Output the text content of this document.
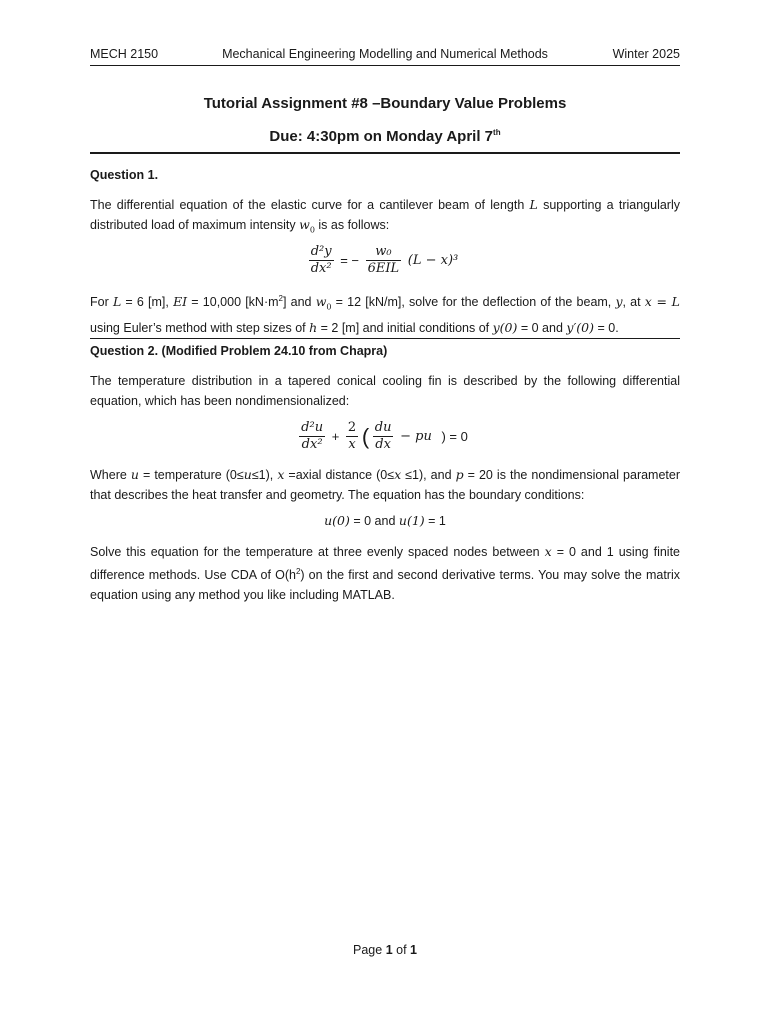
MECH 2150	Mechanical Engineering Modelling and Numerical Methods	Winter 2025
Tutorial Assignment #8 –Boundary Value Problems
Due: 4:30pm on Monday April 7th
Question 1.
The differential equation of the elastic curve for a cantilever beam of length L supporting a triangularly distributed load of maximum intensity $w_0$ is as follows:
$\frac{\text{d²y}}{\text{dx²}}$ = − $\frac{\text{w₀}}{\text{6EIL}} (L - x)^3$
For L = 6 [m], EI = 10,000 $[kN\cdot m^2]$ and $w_0 = 12$ [kN/m], solve for the deflection of the beam, y, at x = L using Euler’s method with step sizes of h = 2 [m] and initial conditions of y(0) = 0 and y′(0) = 0.
Question 2. (Modified Problem 24.10 from Chapra)
The temperature distribution in a tapered conical cooling fin is described by the following differential equation, which has been nondimensionalized:
$\frac{\text{d²u}}{\text{dx²}} + \frac{2}{x}$ ( $\frac{du}{dx}$ − pu ) = 0
Where u = temperature (0≤u≤1), x =axial distance (0≤x ≤1), and p = 20 is the nondimensional parameter that describes the heat transfer and geometry. The equation has the boundary conditions:
u(0) = 0 and u(1) = 1
Solve this equation for the temperature at three evenly spaced nodes between x = 0 and 1 using finite difference methods. Use CDA of $O(h^2)$ on the first and second derivative terms. You may solve the matrix equation using any method you like including MATLAB.
Page 1 of 1
